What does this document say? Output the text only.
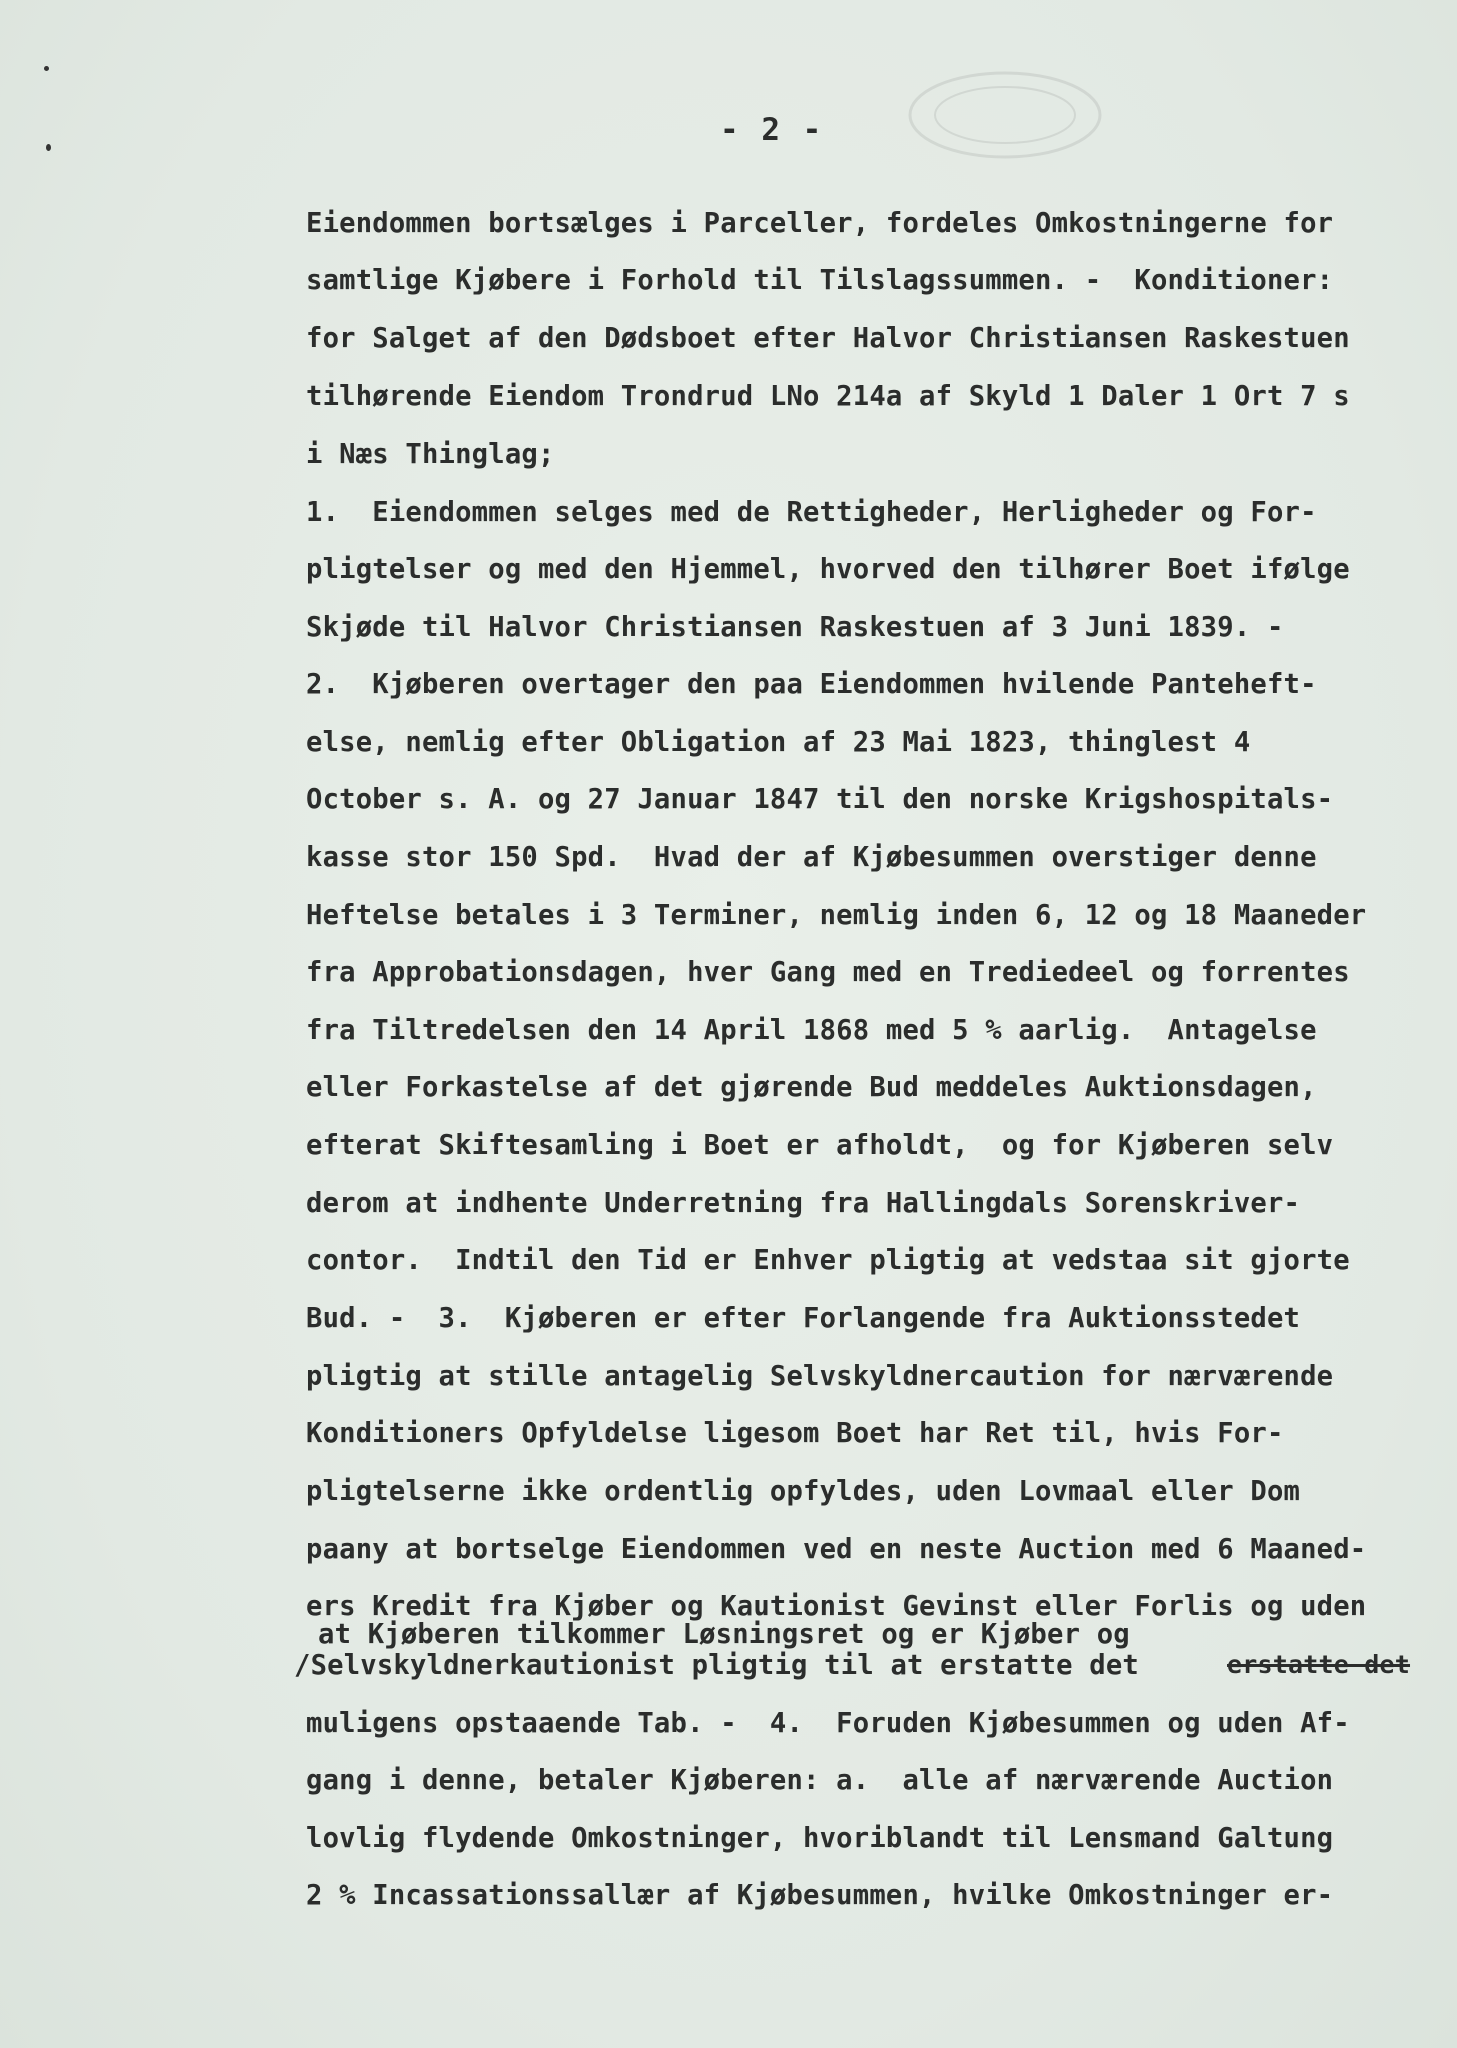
- 2 -
Eiendommen bortsælges i Parceller, fordeles Omkostningerne for
samtlige Kjøbere i Forhold til Tilslagssummen. -  Konditioner:
for Salget af den Dødsboet efter Halvor Christiansen Raskestuen
tilhørende Eiendom Trondrud LNo 214a af Skyld 1 Daler 1 Ort 7 s
i Næs Thinglag;
1.  Eiendommen selges med de Rettigheder, Herligheder og For-
pligtelser og med den Hjemmel, hvorved den tilhører Boet ifølge
Skjøde til Halvor Christiansen Raskestuen af 3 Juni 1839. -
2.  Kjøberen overtager den paa Eiendommen hvilende Panteheft-
else, nemlig efter Obligation af 23 Mai 1823, thinglest 4
October s. A. og 27 Januar 1847 til den norske Krigshospitals-
kasse stor 150 Spd.  Hvad der af Kjøbesummen overstiger denne
Heftelse betales i 3 Terminer, nemlig inden 6, 12 og 18 Maaneder
fra Approbationsdagen, hver Gang med en Trediedeel og forrentes
fra Tiltredelsen den 14 April 1868 med 5 % aarlig.  Antagelse
eller Forkastelse af det gjørende Bud meddeles Auktionsdagen,
efterat Skiftesamling i Boet er afholdt,  og for Kjøberen selv
derom at indhente Underretning fra Hallingdals Sorenskriver-
contor.  Indtil den Tid er Enhver pligtig at vedstaa sit gjorte
Bud. -  3.  Kjøberen er efter Forlangende fra Auktionsstedet
pligtig at stille antagelig Selvskyldnercaution for nærværende
Konditioners Opfyldelse ligesom Boet har Ret til, hvis For-
pligtelserne ikke ordentlig opfyldes, uden Lovmaal eller Dom
paany at bortselge Eiendommen ved en neste Auction med 6 Maaned-
ers Kredit fra Kjøber og Kautionist Gevinst eller Forlis og uden
at Kjøberen tilkommer Løsningsret og er Kjøber og
/Selvskyldnerkautionist pligtig til at erstatte det	erstatte det
muligens opstaaende Tab. -  4.  Foruden Kjøbesummen og uden Af-
gang i denne, betaler Kjøberen: a.  alle af nærværende Auction
lovlig flydende Omkostninger, hvoriblandt til Lensmand Galtung
2 % Incassationssallær af Kjøbesummen, hvilke Omkostninger er-
